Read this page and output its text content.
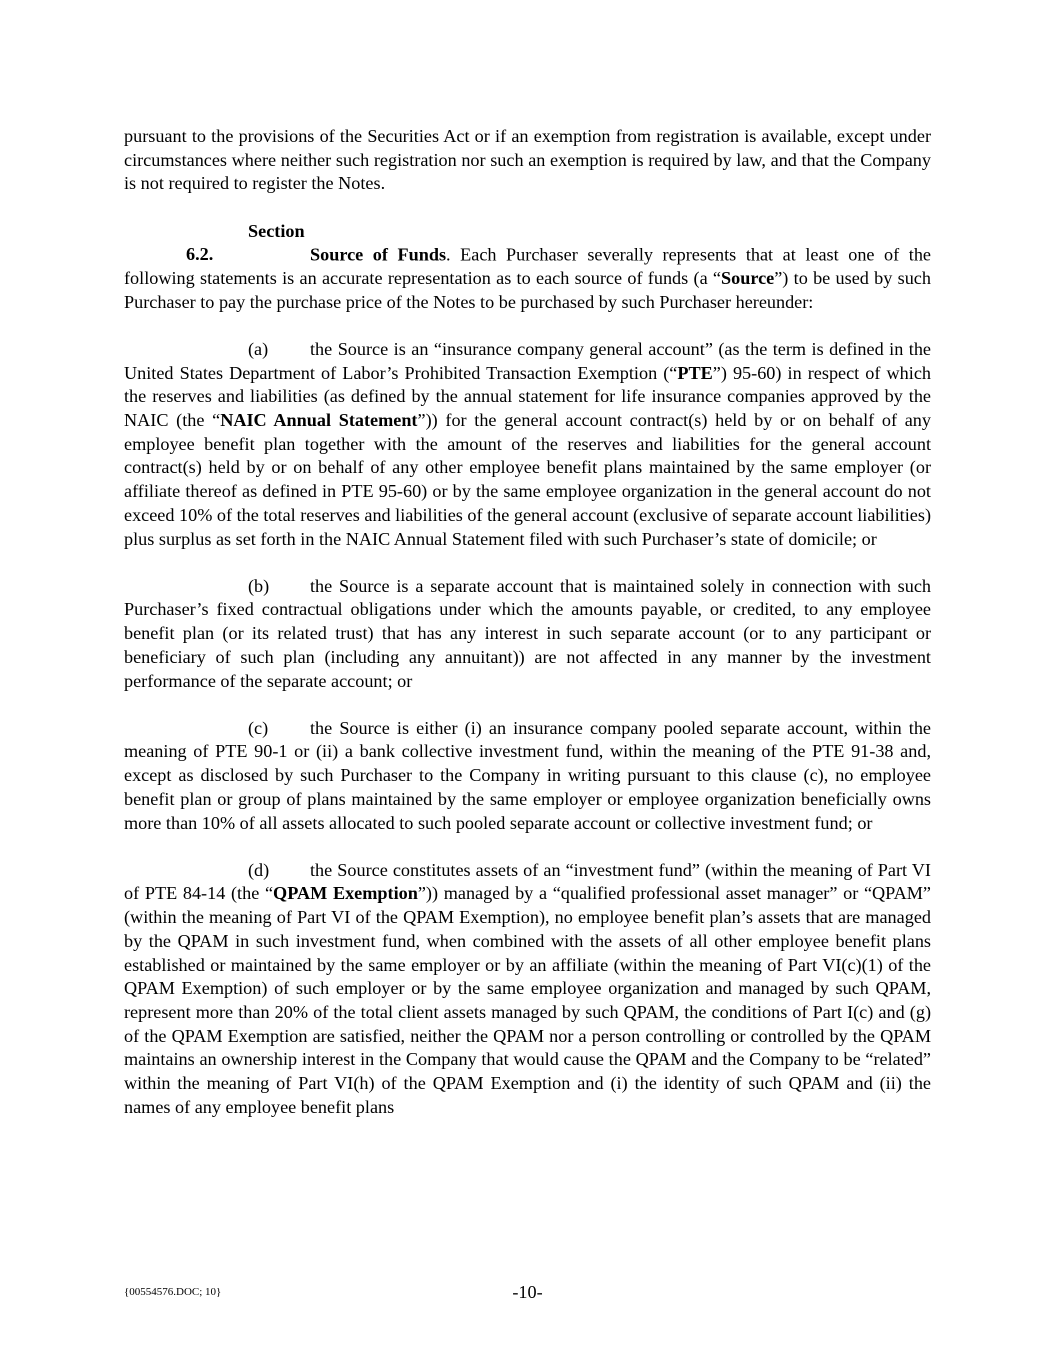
pursuant to the provisions of the Securities Act or if an exemption from registration is available, except under circumstances where neither such registration nor such an exemption is required by law, and that the Company is not required to register the Notes.

Section 6.2.	Source of Funds. Each Purchaser severally represents that at least one of the following statements is an accurate representation as to each source of funds (a “Source”) to be used by such Purchaser to pay the purchase price of the Notes to be purchased by such Purchaser hereunder:

(a) the Source is an “insurance company general account” (as the term is defined in the United States Department of Labor’s Prohibited Transaction Exemption (“PTE”) 95-60) in respect of which the reserves and liabilities (as defined by the annual statement for life insurance companies approved by the NAIC (the “NAIC Annual Statement”)) for the general account contract(s) held by or on behalf of any employee benefit plan together with the amount of the reserves and liabilities for the general account contract(s) held by or on behalf of any other employee benefit plans maintained by the same employer (or affiliate thereof as defined in PTE 95-60) or by the same employee organization in the general account do not exceed 10% of the total reserves and liabilities of the general account (exclusive of separate account liabilities) plus surplus as set forth in the NAIC Annual Statement filed with such Purchaser’s state of domicile; or

(b) the Source is a separate account that is maintained solely in connection with such Purchaser’s fixed contractual obligations under which the amounts payable, or credited, to any employee benefit plan (or its related trust) that has any interest in such separate account (or to any participant or beneficiary of such plan (including any annuitant)) are not affected in any manner by the investment performance of the separate account; or

(c) the Source is either (i) an insurance company pooled separate account, within the meaning of PTE 90-1 or (ii) a bank collective investment fund, within the meaning of the PTE 91-38 and, except as disclosed by such Purchaser to the Company in writing pursuant to this clause (c), no employee benefit plan or group of plans maintained by the same employer or employee organization beneficially owns more than 10% of all assets allocated to such pooled separate account or collective investment fund; or

(d) the Source constitutes assets of an “investment fund” (within the meaning of Part VI of PTE 84-14 (the “QPAM Exemption”)) managed by a “qualified professional asset manager” or “QPAM” (within the meaning of Part VI of the QPAM Exemption), no employee benefit plan’s assets that are managed by the QPAM in such investment fund, when combined with the assets of all other employee benefit plans established or maintained by the same employer or by an affiliate (within the meaning of Part VI(c)(1) of the QPAM Exemption) of such employer or by the same employee organization and managed by such QPAM, represent more than 20% of the total client assets managed by such QPAM, the conditions of Part I(c) and (g) of the QPAM Exemption are satisfied, neither the QPAM nor a person controlling or controlled by the QPAM maintains an ownership interest in the Company that would cause the QPAM and the Company to be “related” within the meaning of Part VI(h) of the QPAM Exemption and (i) the identity of such QPAM and (ii) the names of any employee benefit plans

{00554576.DOC; 10}	-10-
